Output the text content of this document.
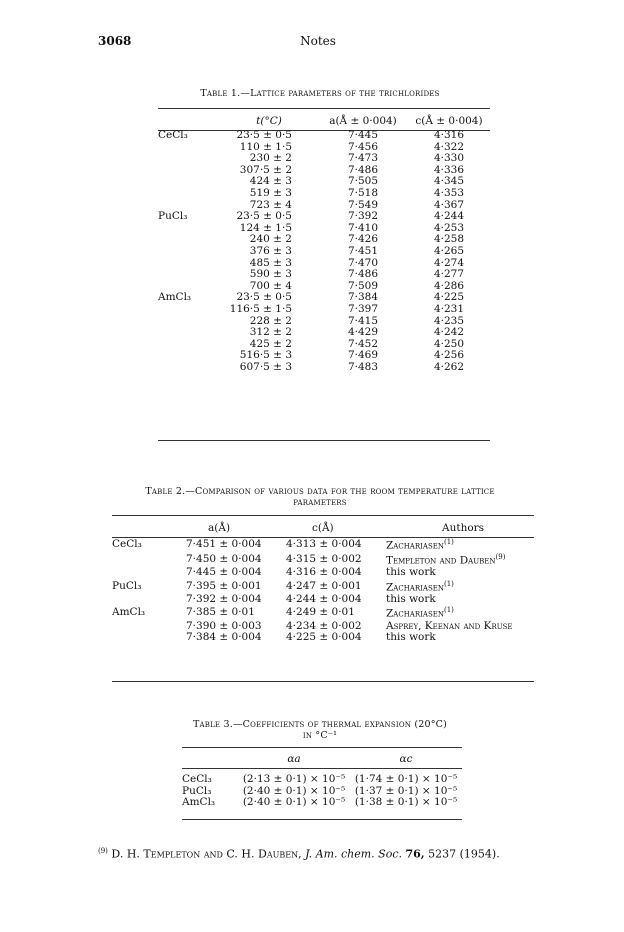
3068	Notes
Table 1.—Lattice parameters of the trichlorides
	t(°C)	a(Å ± 0·004)	c(Å ± 0·004)
CeCl₃	23·5 ± 0·5	7·445	4·316
	110 ± 1·5	7·456	4·322
	230 ± 2	7·473	4·330
	307·5 ± 2	7·486	4·336
	424 ± 3	7·505	4·345
	519 ± 3	7·518	4·353
	723 ± 4	7·549	4·367
PuCl₃	23·5 ± 0·5	7·392	4·244
	124 ± 1·5	7·410	4·253
	240 ± 2	7·426	4·258
	376 ± 3	7·451	4·265
	485 ± 3	7·470	4·274
	590 ± 3	7·486	4·277
	700 ± 4	7·509	4·286
AmCl₃	23·5 ± 0·5	7·384	4·225
	116·5 ± 1·5	7·397	4·231
	228 ± 2	7·415	4·235
	312 ± 2	4·429	4·242
	425 ± 2	7·452	4·250
	516·5 ± 3	7·469	4·256
	607·5 ± 3	7·483	4·262
Table 2.—Comparison of various data for the room temperature lattice
parameters
	a(Å)	c(Å)	Authors
CeCl₃	7·451 ± 0·004	4·313 ± 0·004	Zachariasen$^{(1)}$
	7·450 ± 0·004	4·315 ± 0·002	Templeton and Dauben$^{(9)}$
	7·445 ± 0·004	4·316 ± 0·004	this work
PuCl₃	7·395 ± 0·001	4·247 ± 0·001	Zachariasen$^{(1)}$
	7·392 ± 0·004	4·244 ± 0·004	this work
AmCl₃	7·385 ± 0·01	4·249 ± 0·01	Zachariasen$^{(1)}$
	7·390 ± 0·003	4·234 ± 0·002	Asprey, Keenan and Kruse
	7·384 ± 0·004	4·225 ± 0·004	this work
Table 3.—Coefficients of thermal expansion (20°C)
in °C⁻¹
	αa	αc
CeCl₃	(2·13 ± 0·1) × 10⁻⁵	(1·74 ± 0·1) × 10⁻⁵
PuCl₃	(2·40 ± 0·1) × 10⁻⁵	(1·37 ± 0·1) × 10⁻⁵
AmCl₃	(2·40 ± 0·1) × 10⁻⁵	(1·38 ± 0·1) × 10⁻⁵
$^{(9)}$ D. H. Templeton and C. H. Dauben, J. Am. chem. Soc. 76, 5237 (1954).
